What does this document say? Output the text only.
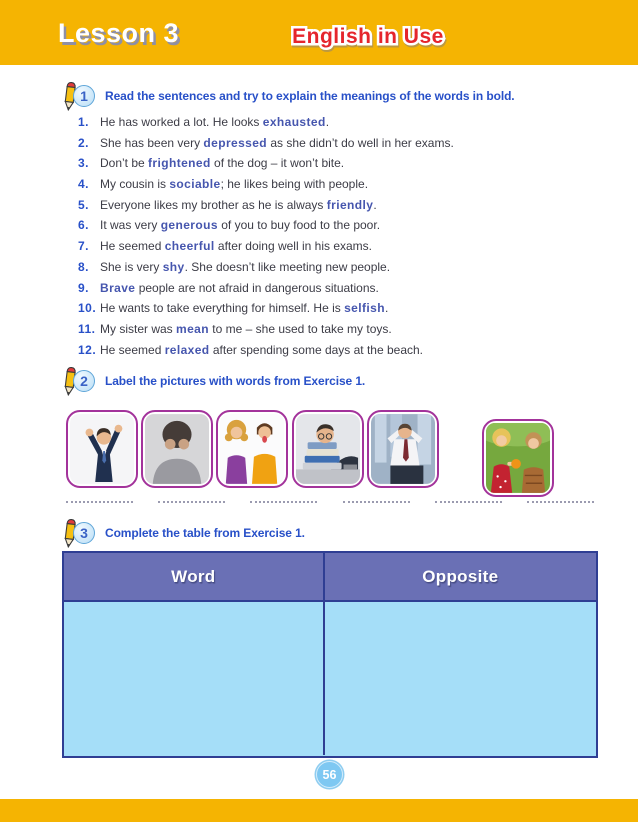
Lesson 3	English in Use English in Use
1	Read the sentences and try to explain the meanings of the words in bold.
1. He has worked a lot. He looks exhausted.
2. She has been very depressed as she didn’t do well in her exams.
3. Don’t be frightened of the dog – it won’t bite.
4. My cousin is sociable; he likes being with people.
5. Everyone likes my brother as he is always friendly.
6. It was very generous of you to buy food to the poor.
7. He seemed cheerful after doing well in his exams.
8. She is very shy. She doesn’t like meeting new people.
9. Brave people are not afraid in dangerous situations.
10. He wants to take everything for himself. He is selfish.
11. My sister was mean to me – she used to take my toys.
12. He seemed relaxed after spending some days at the beach.
2	Label the pictures with words from Exercise 1.
3	Complete the table from Exercise 1.
Word	Opposite
56
